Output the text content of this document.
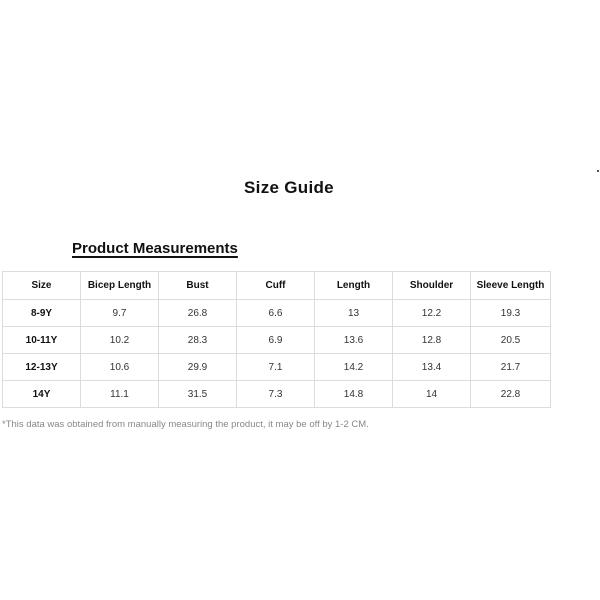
Size Guide
Product Measurements
Size	Bicep Length	Bust	Cuff	Length	Shoulder	Sleeve Length
8-9Y	9.7	26.8	6.6	13	12.2	19.3
10-11Y	10.2	28.3	6.9	13.6	12.8	20.5
12-13Y	10.6	29.9	7.1	14.2	13.4	21.7
14Y	11.1	31.5	7.3	14.8	14	22.8
*This data was obtained from manually measuring the product, it may be off by 1-2 CM.
